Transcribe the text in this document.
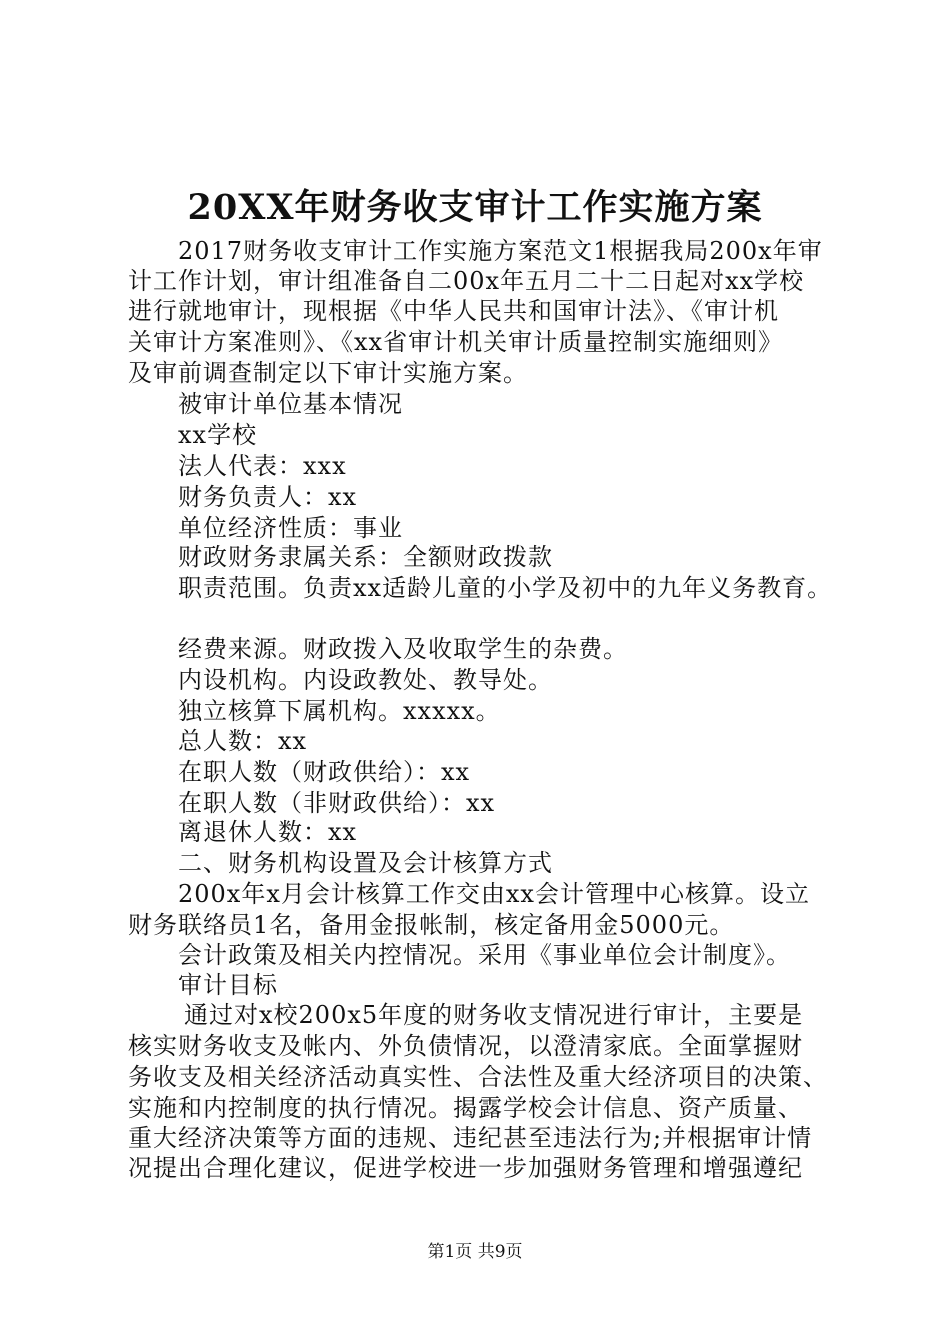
20XX年财务收支审计工作实施方案
2017财务收支审计工作实施方案范文1根据我局200x年审
计工作计划，审计组准备自二00x年五月二十二日起对xx学校
进行就地审计，现根据《中华人民共和国审计法》、《审计机
关审计方案准则》、《xx省审计机关审计质量控制实施细则》
及审前调查制定以下审计实施方案。
被审计单位基本情况
xx学校
法人代表：xxx
财务负责人：xx
单位经济性质：事业
财政财务隶属关系：全额财政拨款
职责范围。负责xx适龄儿童的小学及初中的九年义务教育。
经费来源。财政拨入及收取学生的杂费。
内设机构。内设政教处、教导处。
独立核算下属机构。xxxxx。
总人数：xx
在职人数（财政供给）：xx
在职人数（非财政供给）：xx
离退休人数：xx
二、财务机构设置及会计核算方式
200x年x月会计核算工作交由xx会计管理中心核算。设立
财务联络员1名，备用金报帐制，核定备用金5000元。
会计政策及相关内控情况。采用《事业单位会计制度》。
审计目标
通过对x校200x5年度的财务收支情况进行审计，主要是
核实财务收支及帐内、外负债情况，以澄清家底。全面掌握财
务收支及相关经济活动真实性、合法性及重大经济项目的决策、
实施和内控制度的执行情况。揭露学校会计信息、资产质量、
重大经济决策等方面的违规、违纪甚至违法行为;并根据审计情
况提出合理化建议，促进学校进一步加强财务管理和增强遵纪
第1页 共9页
